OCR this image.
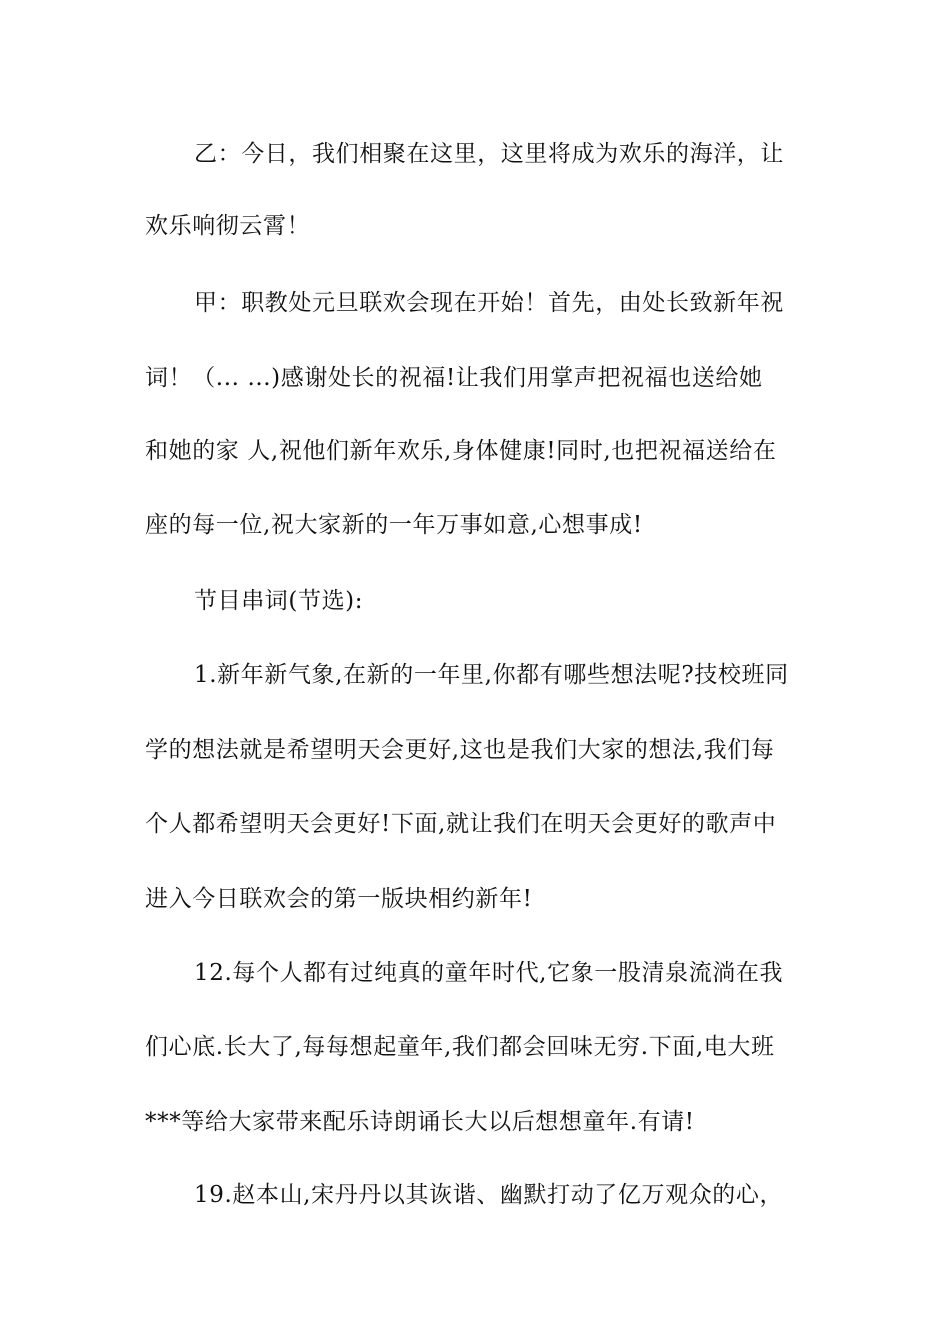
乙：今日，我们相聚在这里，这里将成为欢乐的海洋，让
欢乐响彻云霄！
甲：职教处元旦联欢会现在开始！首先，由处长致新年祝
词！（... ...)感谢处长的祝福!让我们用掌声把祝福也送给她
和她的家 人,祝他们新年欢乐,身体健康!同时,也把祝福送给在
座的每一位,祝大家新的一年万事如意,心想事成!
节目串词(节选):
1.新年新气象,在新的一年里,你都有哪些想法呢?技校班同
学的想法就是希望明天会更好,这也是我们大家的想法,我们每
个人都希望明天会更好!下面,就让我们在明天会更好的歌声中
进入今日联欢会的第一版块相约新年!
12.每个人都有过纯真的童年时代,它象一股清泉流淌在我
们心底.长大了,每每想起童年,我们都会回味无穷.下面,电大班
***等给大家带来配乐诗朗诵长大以后想想童年.有请!
19.赵本山,宋丹丹以其诙谐、幽默打动了亿万观众的心，
